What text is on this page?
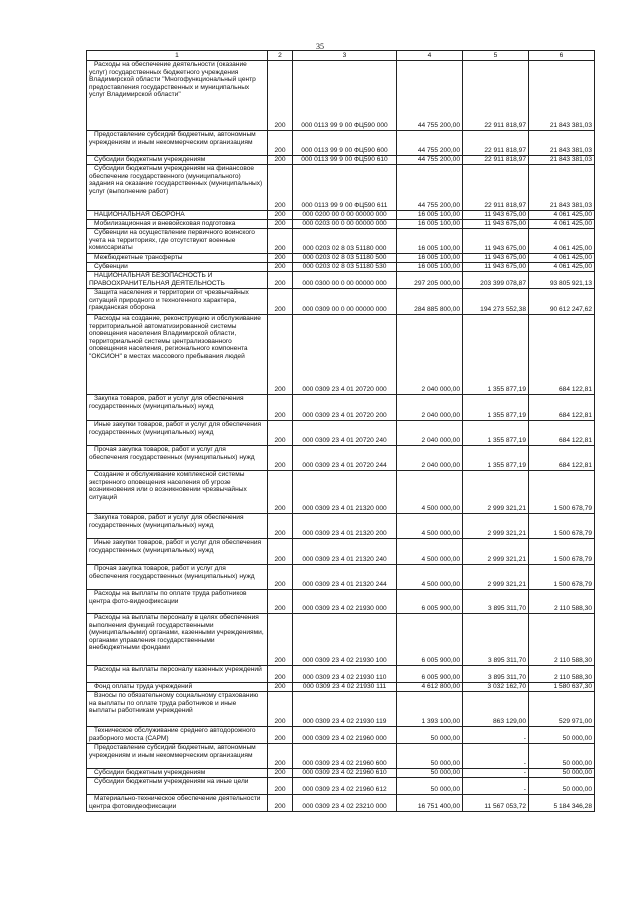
35
1	2	3	4	5	6
Расходы на обеспечение деятельности (оказание услуг) государственных бюджетного учреждения Владимирской области "Многофункциональный центр предоставления государственных и муниципальных услуг Владимирской области"	200	000 0113 99 9 00 ФЦ590 000	44 755 200,00	22 911 818,97	21 843 381,03
Предоставление субсидий бюджетным, автономным учреждениям и иным некоммерческим организациям	200	000 0113 99 9 00 ФЦ590 600	44 755 200,00	22 911 818,97	21 843 381,03
Субсидии бюджетным учреждениям	200	000 0113 99 9 00 ФЦ590 610	44 755 200,00	22 911 818,97	21 843 381,03
Субсидии бюджетным учреждениям на финансовое обеспечение государственного (муниципального) задания на оказание государственных (муниципальных) услуг (выполнение работ)	200	000 0113 99 9 00 ФЦ590 611	44 755 200,00	22 911 818,97	21 843 381,03
НАЦИОНАЛЬНАЯ ОБОРОНА	200	000 0200 00 0 00 00000 000	16 005 100,00	11 943 675,00	4 061 425,00
Мобилизационная и вневойсковая подготовка	200	000 0203 00 0 00 00000 000	16 005 100,00	11 943 675,00	4 061 425,00
Субвенции на осуществление первичного воинского учета на территориях, где отсутствуют военные комиссариаты	200	000 0203 02 8 03 51180 000	16 005 100,00	11 943 675,00	4 061 425,00
Межбюджетные трансферты	200	000 0203 02 8 03 51180 500	16 005 100,00	11 943 675,00	4 061 425,00
Субвенции	200	000 0203 02 8 03 51180 530	16 005 100,00	11 943 675,00	4 061 425,00
НАЦИОНАЛЬНАЯ БЕЗОПАСНОСТЬ И ПРАВООХРАНИТЕЛЬНАЯ ДЕЯТЕЛЬНОСТЬ	200	000 0300 00 0 00 00000 000	297 205 000,00	203 399 078,87	93 805 921,13
Защита населения и территории от чрезвычайных ситуаций природного и техногенного характера, гражданская оборона	200	000 0309 00 0 00 00000 000	284 885 800,00	194 273 552,38	90 612 247,62
Расходы на создание, реконструкцию и обслуживание территориальной автоматизированной системы оповещения населения Владимирской области, территориальной системы централизованного оповещения населения, регионального компонента "ОКСИОН" в местах массового пребывания людей	200	000 0309 23 4 01 20720 000	2 040 000,00	1 355 877,19	684 122,81
Закупка товаров, работ и услуг для обеспечения государственных (муниципальных) нужд	200	000 0309 23 4 01 20720 200	2 040 000,00	1 355 877,19	684 122,81
Иные закупки товаров, работ и услуг для обеспечения государственных (муниципальных) нужд	200	000 0309 23 4 01 20720 240	2 040 000,00	1 355 877,19	684 122,81
Прочая закупка товаров, работ и услуг для обеспечения государственных (муниципальных) нужд	200	000 0309 23 4 01 20720 244	2 040 000,00	1 355 877,19	684 122,81
Создание и обслуживание комплексной системы экстренного оповещения населения об угрозе возникновения или о возникновении чрезвычайных ситуаций	200	000 0309 23 4 01 21320 000	4 500 000,00	2 999 321,21	1 500 678,79
Закупка товаров, работ и услуг для обеспечения государственных (муниципальных) нужд	200	000 0309 23 4 01 21320 200	4 500 000,00	2 999 321,21	1 500 678,79
Иные закупки товаров, работ и услуг для обеспечения государственных (муниципальных) нужд	200	000 0309 23 4 01 21320 240	4 500 000,00	2 999 321,21	1 500 678,79
Прочая закупка товаров, работ и услуг для обеспечения государственных (муниципальных) нужд	200	000 0309 23 4 01 21320 244	4 500 000,00	2 999 321,21	1 500 678,79
Расходы на выплаты по оплате труда работников центра фото-видеофиксации	200	000 0309 23 4 02 21930 000	6 005 900,00	3 895 311,70	2 110 588,30
Расходы на выплаты персоналу в целях обеспечения выполнения функций государственными (муниципальными) органами, казенными учреждениями, органами управления государственными внебюджетными фондами	200	000 0309 23 4 02 21930 100	6 005 900,00	3 895 311,70	2 110 588,30
Расходы на выплаты персоналу казенных учреждений	200	000 0309 23 4 02 21930 110	6 005 900,00	3 895 311,70	2 110 588,30
Фонд оплаты труда учреждений	200	000 0309 23 4 02 21930 111	4 612 800,00	3 032 162,70	1 580 637,30
Взносы по обязательному социальному страхованию на выплаты по оплате труда работников и иные выплаты работникам учреждений	200	000 0309 23 4 02 21930 119	1 393 100,00	863 129,00	529 971,00
Техническое обслуживание среднего автодорожного разборного моста (САРМ)	200	000 0309 23 4 02 21960 000	50 000,00	-	50 000,00
Предоставление субсидий бюджетным, автономным учреждениям и иным некоммерческим организациям	200	000 0309 23 4 02 21960 600	50 000,00	-	50 000,00
Субсидии бюджетным учреждениям	200	000 0309 23 4 02 21960 610	50 000,00	-	50 000,00
Субсидии бюджетным учреждениям на иные цели	200	000 0309 23 4 02 21960 612	50 000,00	-	50 000,00
Материально-техническое обеспечение деятельности центра фотовидеофиксации	200	000 0309 23 4 02 23210 000	16 751 400,00	11 567 053,72	5 184 346,28
